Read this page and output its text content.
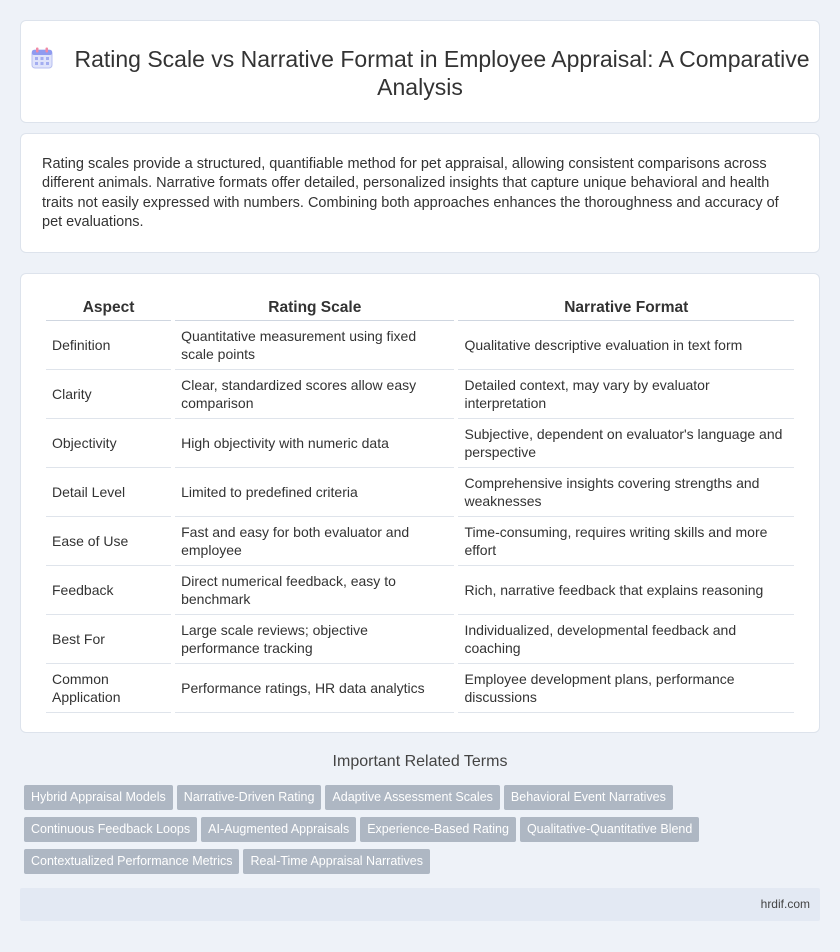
Rating Scale vs Narrative Format in Employee Appraisal: A Comparative Analysis

Rating scales provide a structured, quantifiable method for pet appraisal, allowing consistent comparisons across different animals. Narrative formats offer detailed, personalized insights that capture unique behavioral and health traits not easily expressed with numbers. Combining both approaches enhances the thoroughness and accuracy of pet evaluations.

Aspect	Rating Scale	Narrative Format
Definition	Quantitative measurement using fixed scale points	Qualitative descriptive evaluation in text form
Clarity	Clear, standardized scores allow easy comparison	Detailed context, may vary by evaluator interpretation
Objectivity	High objectivity with numeric data	Subjective, dependent on evaluator's language and perspective
Detail Level	Limited to predefined criteria	Comprehensive insights covering strengths and weaknesses
Ease of Use	Fast and easy for both evaluator and employee	Time-consuming, requires writing skills and more effort
Feedback	Direct numerical feedback, easy to benchmark	Rich, narrative feedback that explains reasoning
Best For	Large scale reviews; objective performance tracking	Individualized, developmental feedback and coaching
Common Application	Performance ratings, HR data analytics	Employee development plans, performance discussions
Important Related Terms
Hybrid Appraisal Models Narrative-Driven Rating Adaptive Assessment Scales Behavioral Event Narratives
Continuous Feedback Loops AI-Augmented Appraisals Experience-Based Rating Qualitative-Quantitative Blend
Contextualized Performance Metrics Real-Time Appraisal Narratives
hrdif.com
